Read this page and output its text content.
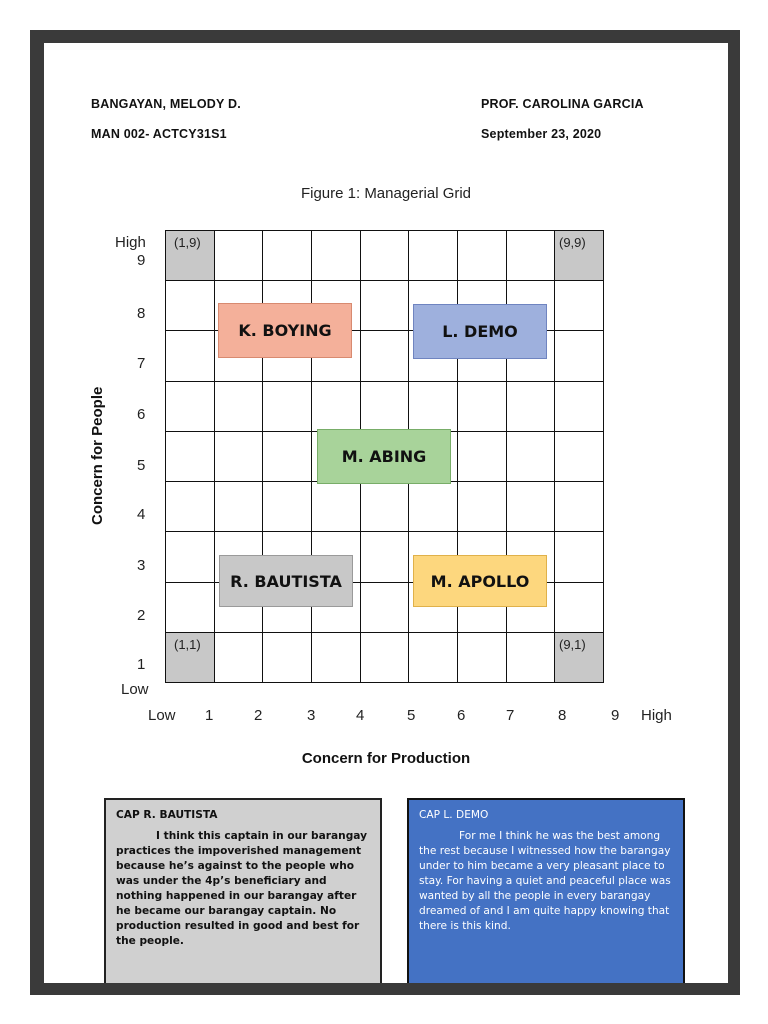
BANGAYAN, MELODY D.
MAN 002- ACTCY31S1
PROF. CAROLINA GARCIA
September 23, 2020
Figure 1: Managerial Grid
(1,9)	(9,9)
(1,1)	(9,1)
K. BOYING	L. DEMO
M. ABING
R. BAUTISTA	M. APOLLO
High
9
8
7
6
5
4
3
2
1
Low
Low 1	2	3	4	5	6	7	8	9 High
Concern for People
Concern for Production
CAP R. BAUTISTA
I think this captain in our barangay practices the impoverished management because he’s against to the people who was under the 4p’s beneficiary and nothing happened in our barangay after he became our barangay captain. No production resulted in good and best for the people.
CAP L. DEMO
For me I think he was the best among the rest because I witnessed how the barangay under to him became a very pleasant place to stay. For having a quiet and peaceful place was wanted by all the people in every barangay dreamed of and I am quite happy knowing that there is this kind.
